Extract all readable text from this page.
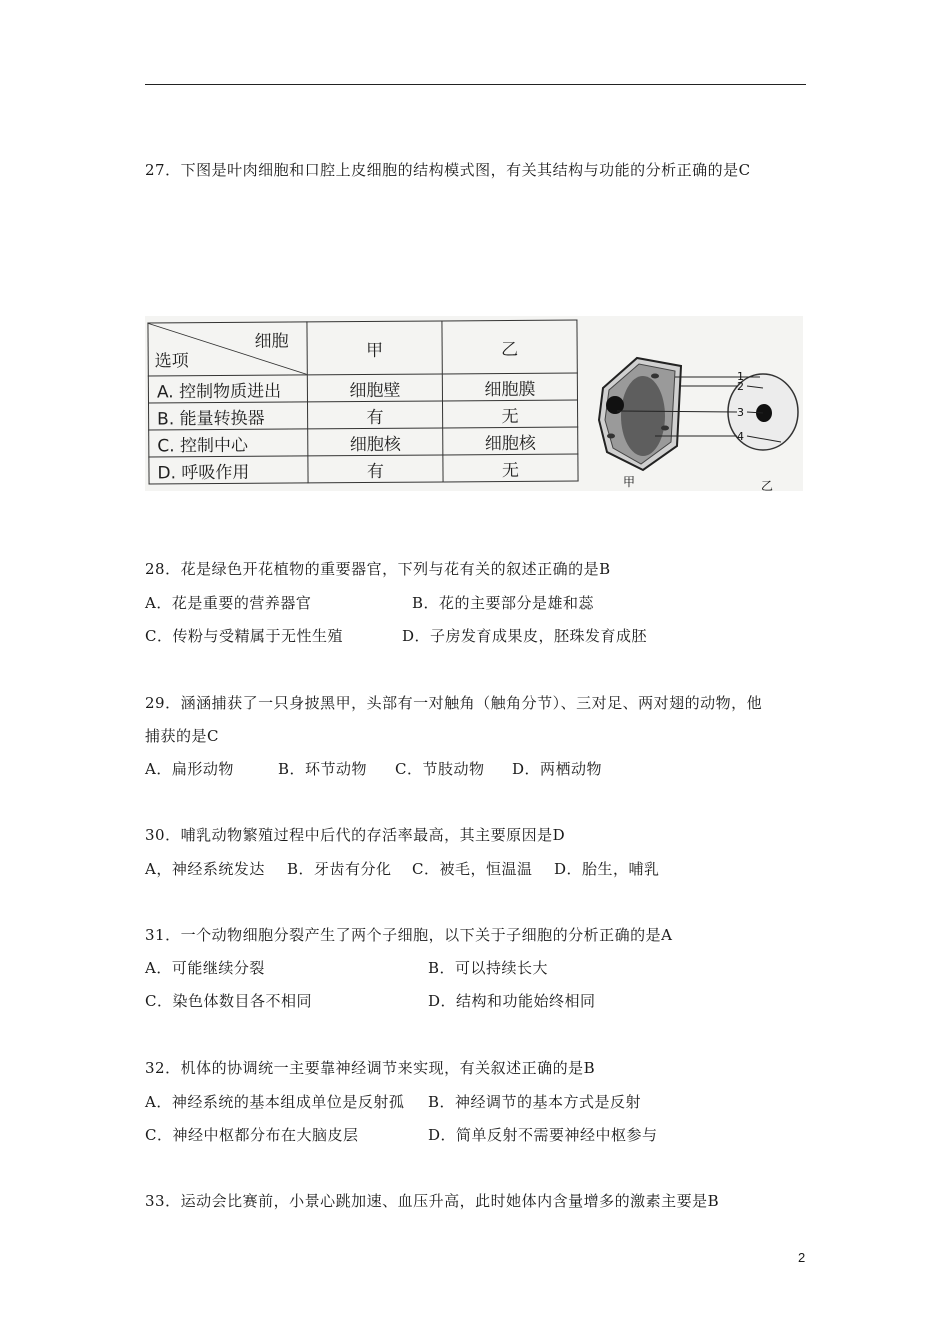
27．下图是叶肉细胞和口腔上皮细胞的结构模式图，有关其结构与功能的分析正确的是C
细胞
选项	甲	乙
A. 控制物质进出	细胞壁	细胞膜
B. 能量转换器	有	无
C. 控制中心	细胞核	细胞核
D. 呼吸作用	有	无
1
2
3
4
甲	乙
28．花是绿色开花植物的重要器官，下列与花有关的叙述正确的是B
A．花是重要的营养器官	B．花的主要部分是雄和蕊
C．传粉与受精属于无性生殖	D．子房发育成果皮，胚珠发育成胚
29．涵涵捕获了一只身披黑甲，头部有一对触角（触角分节）、三对足、两对翅的动物，他
捕获的是C
A．扁形动物	B．环节动物 C．节肢动物 D．两栖动物
30．哺乳动物繁殖过程中后代的存活率最高，其主要原因是D
A，神经系统发达 B．牙齿有分化 C．被毛，恒温温 D．胎生，哺乳
31．一个动物细胞分裂产生了两个子细胞，以下关于子细胞的分析正确的是A
A．可能继续分裂	B．可以持续长大
C．染色体数目各不相同	D．结构和功能始终相同
32．机体的协调统一主要靠神经调节来实现，有关叙述正确的是B
A．神经系统的基本组成单位是反射孤 B．神经调节的基本方式是反射
C．神经中枢都分布在大脑皮层	D．简单反射不需要神经中枢参与
33．运动会比赛前，小景心跳加速、血压升高，此时她体内含量增多的激素主要是B
2
